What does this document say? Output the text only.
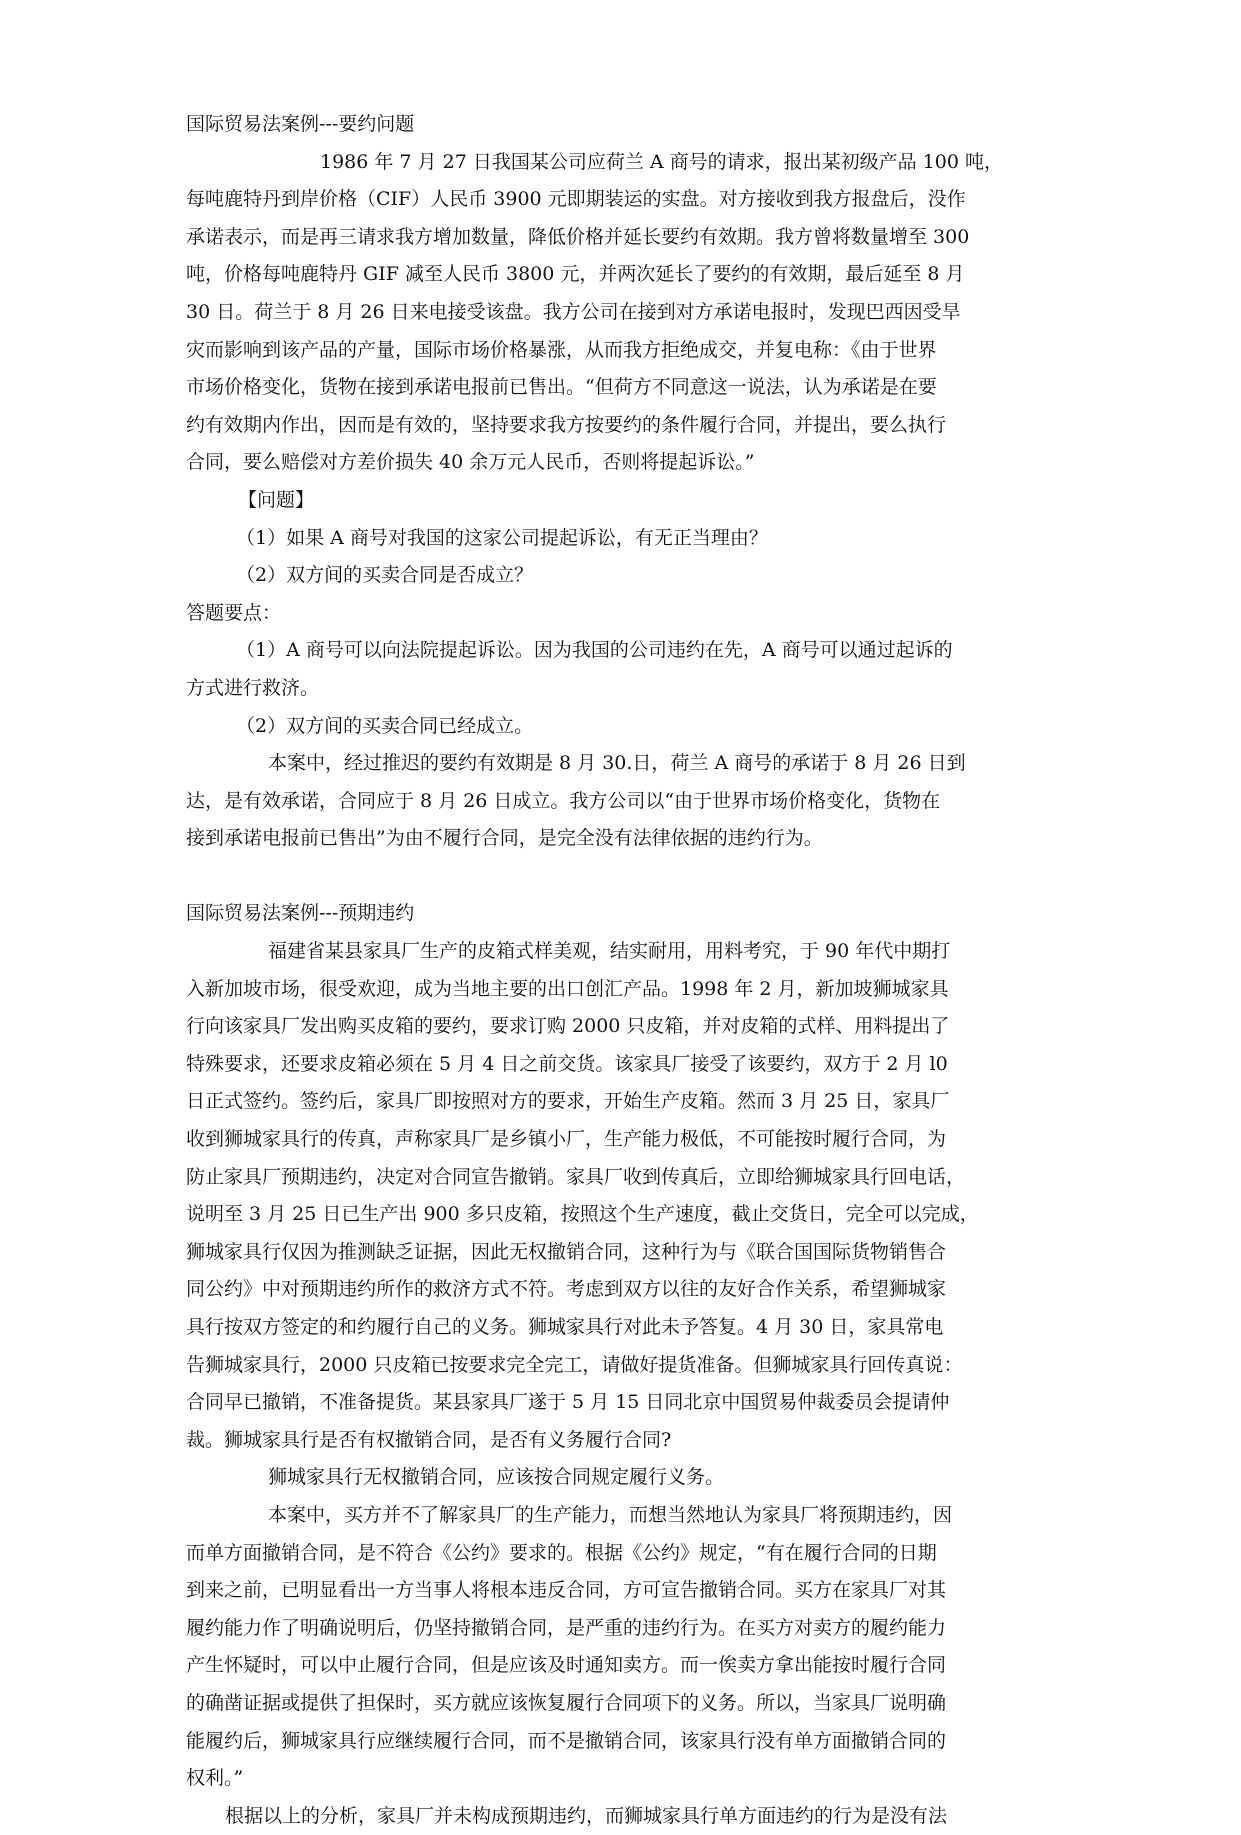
国际贸易法案例---要约问题
1986 年 7 月 27 日我国某公司应荷兰 A 商号的请求，报出某初级产品 100 吨，
每吨鹿特丹到岸价格（CIF）人民币 3900 元即期装运的实盘。对方接收到我方报盘后，没作
承诺表示，而是再三请求我方增加数量，降低价格并延长要约有效期。我方曾将数量增至 300
吨，价格每吨鹿特丹 GIF 减至人民币 3800 元，并两次延长了要约的有效期，最后延至 8 月
30 日。荷兰于 8 月 26 日来电接受该盘。我方公司在接到对方承诺电报时，发现巴西因受旱
灾而影响到该产品的产量，国际市场价格暴涨，从而我方拒绝成交，并复电称：《由于世界
市场价格变化，货物在接到承诺电报前已售出。“但荷方不同意这一说法，认为承诺是在要
约有效期内作出，因而是有效的，坚持要求我方按要约的条件履行合同，并提出，要么执行
合同，要么赔偿对方差价损失 40 余万元人民币，否则将提起诉讼。”
【问题】
（1）如果 A 商号对我国的这家公司提起诉讼，有无正当理由？
（2）双方间的买卖合同是否成立？
答题要点：
（1）A 商号可以向法院提起诉讼。因为我国的公司违约在先，A 商号可以通过起诉的
方式进行救济。
（2）双方间的买卖合同已经成立。
本案中，经过推迟的要约有效期是 8 月 30.日，荷兰 A 商号的承诺于 8 月 26 日到
达，是有效承诺，合同应于 8 月 26 日成立。我方公司以“由于世界市场价格变化，货物在
接到承诺电报前已售出”为由不履行合同，是完全没有法律依据的违约行为。
国际贸易法案例---预期违约
福建省某县家具厂生产的皮箱式样美观，结实耐用，用料考究，于 90 年代中期打
入新加坡市场，很受欢迎，成为当地主要的出口创汇产品。1998 年 2 月，新加坡狮城家具
行向该家具厂发出购买皮箱的要约，要求订购 2000 只皮箱，并对皮箱的式样、用料提出了
特殊要求，还要求皮箱必须在 5 月 4 日之前交货。该家具厂接受了该要约，双方于 2 月 l0
日正式签约。签约后，家具厂即按照对方的要求，开始生产皮箱。然而 3 月 25 日，家具厂
收到狮城家具行的传真，声称家具厂是乡镇小厂，生产能力极低，不可能按时履行合同，为
防止家具厂预期违约，决定对合同宣告撤销。家具厂收到传真后，立即给狮城家具行回电话，
说明至 3 月 25 日已生产出 900 多只皮箱，按照这个生产速度，截止交货日，完全可以完成，
狮城家具行仅因为推测缺乏证据，因此无权撤销合同，这种行为与《联合国国际货物销售合
同公约》中对预期违约所作的救济方式不符。考虑到双方以往的友好合作关系，希望狮城家
具行按双方签定的和约履行自己的义务。狮城家具行对此未予答复。4 月 30 日，家具常电
告狮城家具行，2000 只皮箱已按要求完全完工，请做好提货准备。但狮城家具行回传真说：
合同早已撤销，不准备提货。某县家具厂遂于 5 月 15 日同北京中国贸易仲裁委员会提请仲
裁。狮城家具行是否有权撤销合同，是否有义务履行合同?
狮城家具行无权撤销合同，应该按合同规定履行义务。
本案中，买方并不了解家具厂的生产能力，而想当然地认为家具厂将预期违约，因
而单方面撤销合同，是不符合《公约》要求的。根据《公约》规定，“有在履行合同的日期
到来之前，已明显看出一方当事人将根本违反合同，方可宣告撤销合同。买方在家具厂对其
履约能力作了明确说明后，仍坚持撤销合同，是严重的违约行为。在买方对卖方的履约能力
产生怀疑时，可以中止履行合同，但是应该及时通知卖方。而一俟卖方拿出能按时履行合同
的确凿证据或提供了担保时，买方就应该恢复履行合同项下的义务。所以，当家具厂说明确
能履约后，狮城家具行应继续履行合同，而不是撤销合同，该家具行没有单方面撤销合同的
权利。”
根据以上的分析，家具厂并未构成预期违约，而狮城家具行单方面违约的行为是没有法
